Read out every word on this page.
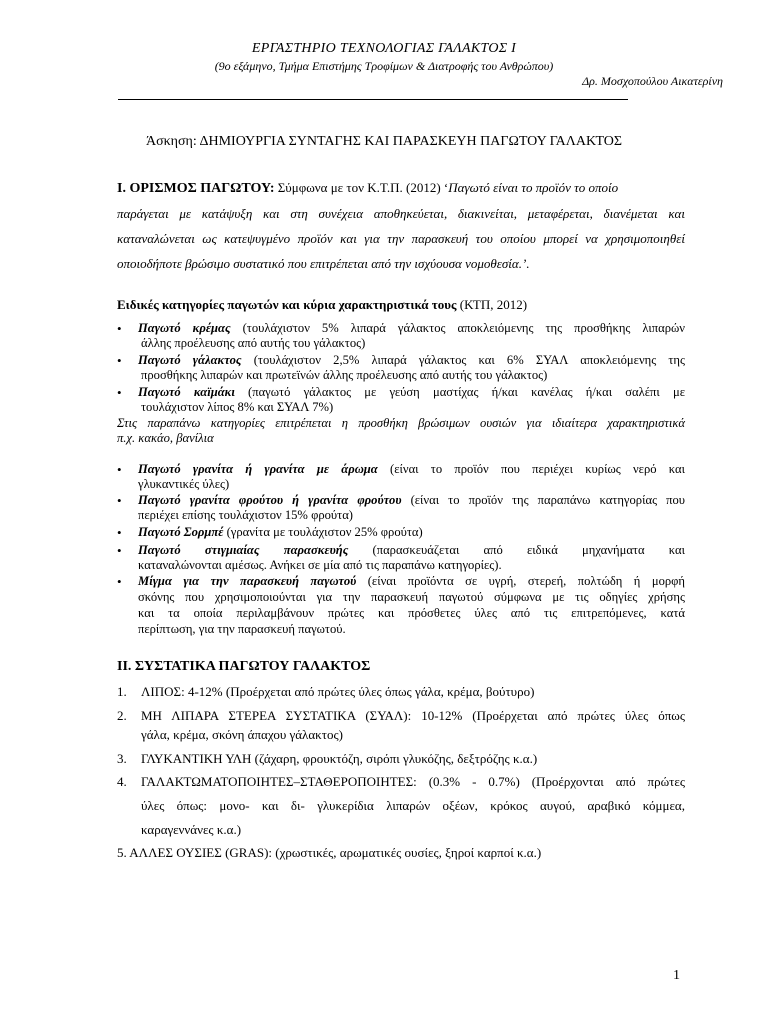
ΕΡΓΑΣΤΗΡΙΟ ΤΕΧΝΟΛΟΓΙΑΣ ΓΑΛΑΚΤΟΣ Ι
(9ο εξάμηνο, Τμήμα Επιστήμης Τροφίμων & Διατροφής του Ανθρώπου)
Δρ. Μοσχοπούλου Αικατερίνη
Άσκηση: ΔΗΜΙΟΥΡΓΙΑ ΣΥΝΤΑΓΗΣ ΚΑΙ ΠΑΡΑΣΚΕΥΗ ΠΑΓΩΤΟΥ ΓΑΛΑΚΤΟΣ
Ι. ΟΡΙΣΜΟΣ ΠΑΓΩΤΟΥ: Σύμφωνα με τον Κ.Τ.Π. (2012) ‘Παγωτό είναι το προϊόν το οποίο
παράγεται με κατάψυξη και στη συνέχεια αποθηκεύεται, διακινείται, μεταφέρεται, διανέμεται και
καταναλώνεται ως κατεψυγμένο προϊόν και για την παρασκευή του οποίου μπορεί να χρησιμοποιηθεί
οποιοδήποτε βρώσιμο συστατικό που επιτρέπεται από την ισχύουσα νομοθεσία.’.
Ειδικές κατηγορίες παγωτών και κύρια χαρακτηριστικά τους (ΚΤΠ, 2012)
•	Παγωτό κρέμας (τουλάχιστον 5% λιπαρά γάλακτος αποκλειόμενης της προσθήκης λιπαρών
άλλης προέλευσης από αυτής του γάλακτος)
•	Παγωτό γάλακτος (τουλάχιστον 2,5% λιπαρά γάλακτος και 6% ΣΥΑΛ αποκλειόμενης της
προσθήκης λιπαρών και πρωτεϊνών άλλης προέλευσης από αυτής του γάλακτος)
•	Παγωτό καϊμάκι (παγωτό γάλακτος με γεύση μαστίχας ή/και κανέλας ή/και σαλέπι με
τουλάχιστον λίπος 8% και ΣΥΑΛ 7%)
Στις παραπάνω κατηγορίες επιτρέπεται η προσθήκη βρώσιμων ουσιών για ιδιαίτερα χαρακτηριστικά
π.χ. κακάο, βανίλια
•	Παγωτό γρανίτα ή γρανίτα με άρωμα (είναι το προϊόν που περιέχει κυρίως νερό και
γλυκαντικές ύλες)
•	Παγωτό γρανίτα φρούτου ή γρανίτα φρούτου (είναι το προϊόν της παραπάνω κατηγορίας που
περιέχει επίσης τουλάχιστον 15% φρούτα)
•	Παγωτό Σορμπέ (γρανίτα με τουλάχιστον 25% φρούτα)
•	Παγωτό στιγμιαίας παρασκευής (παρασκευάζεται από ειδικά μηχανήματα και
καταναλώνονται αμέσως. Ανήκει σε μία από τις παραπάνω κατηγορίες).
•	Μίγμα για την παρασκευή παγωτού (είναι προϊόντα σε υγρή, στερεή, πολτώδη ή μορφή
σκόνης που χρησιμοποιούνται για την παρασκευή παγωτού σύμφωνα με τις οδηγίες χρήσης
και τα οποία περιλαμβάνουν πρώτες και πρόσθετες ύλες από τις επιτρεπόμενες, κατά
περίπτωση, για την παρασκευή παγωτού.
ΙΙ. ΣΥΣΤΑΤΙΚΑ ΠΑΓΩΤΟΥ ΓΑΛΑΚΤΟΣ
1.	ΛΙΠΟΣ: 4-12% (Προέρχεται από πρώτες ύλες όπως γάλα, κρέμα, βούτυρο)
2.	ΜΗ ΛΙΠΑΡΑ ΣΤΕΡΕΑ ΣΥΣΤΑΤΙΚΑ (ΣΥΑΛ): 10-12% (Προέρχεται από πρώτες ύλες όπως
γάλα, κρέμα, σκόνη άπαχου γάλακτος)
3.	ΓΛΥΚΑΝΤΙΚΗ ΥΛΗ (ζάχαρη, φρουκτόζη, σιρόπι γλυκόζης, δεξτρόζης κ.α.)
4.	ΓΑΛΑΚΤΩΜΑΤΟΠΟΙΗΤΕΣ–ΣΤΑΘΕΡΟΠΟΙΗΤΕΣ: (0.3% - 0.7%) (Προέρχονται από πρώτες
ύλες όπως: μονο- και δι- γλυκερίδια λιπαρών οξέων, κρόκος αυγού, αραβικό κόμμεα,
καραγεννάνες κ.α.)
5. ΑΛΛΕΣ ΟΥΣΙΕΣ (GRAS): (χρωστικές, αρωματικές ουσίες, ξηροί καρποί κ.α.)
1
